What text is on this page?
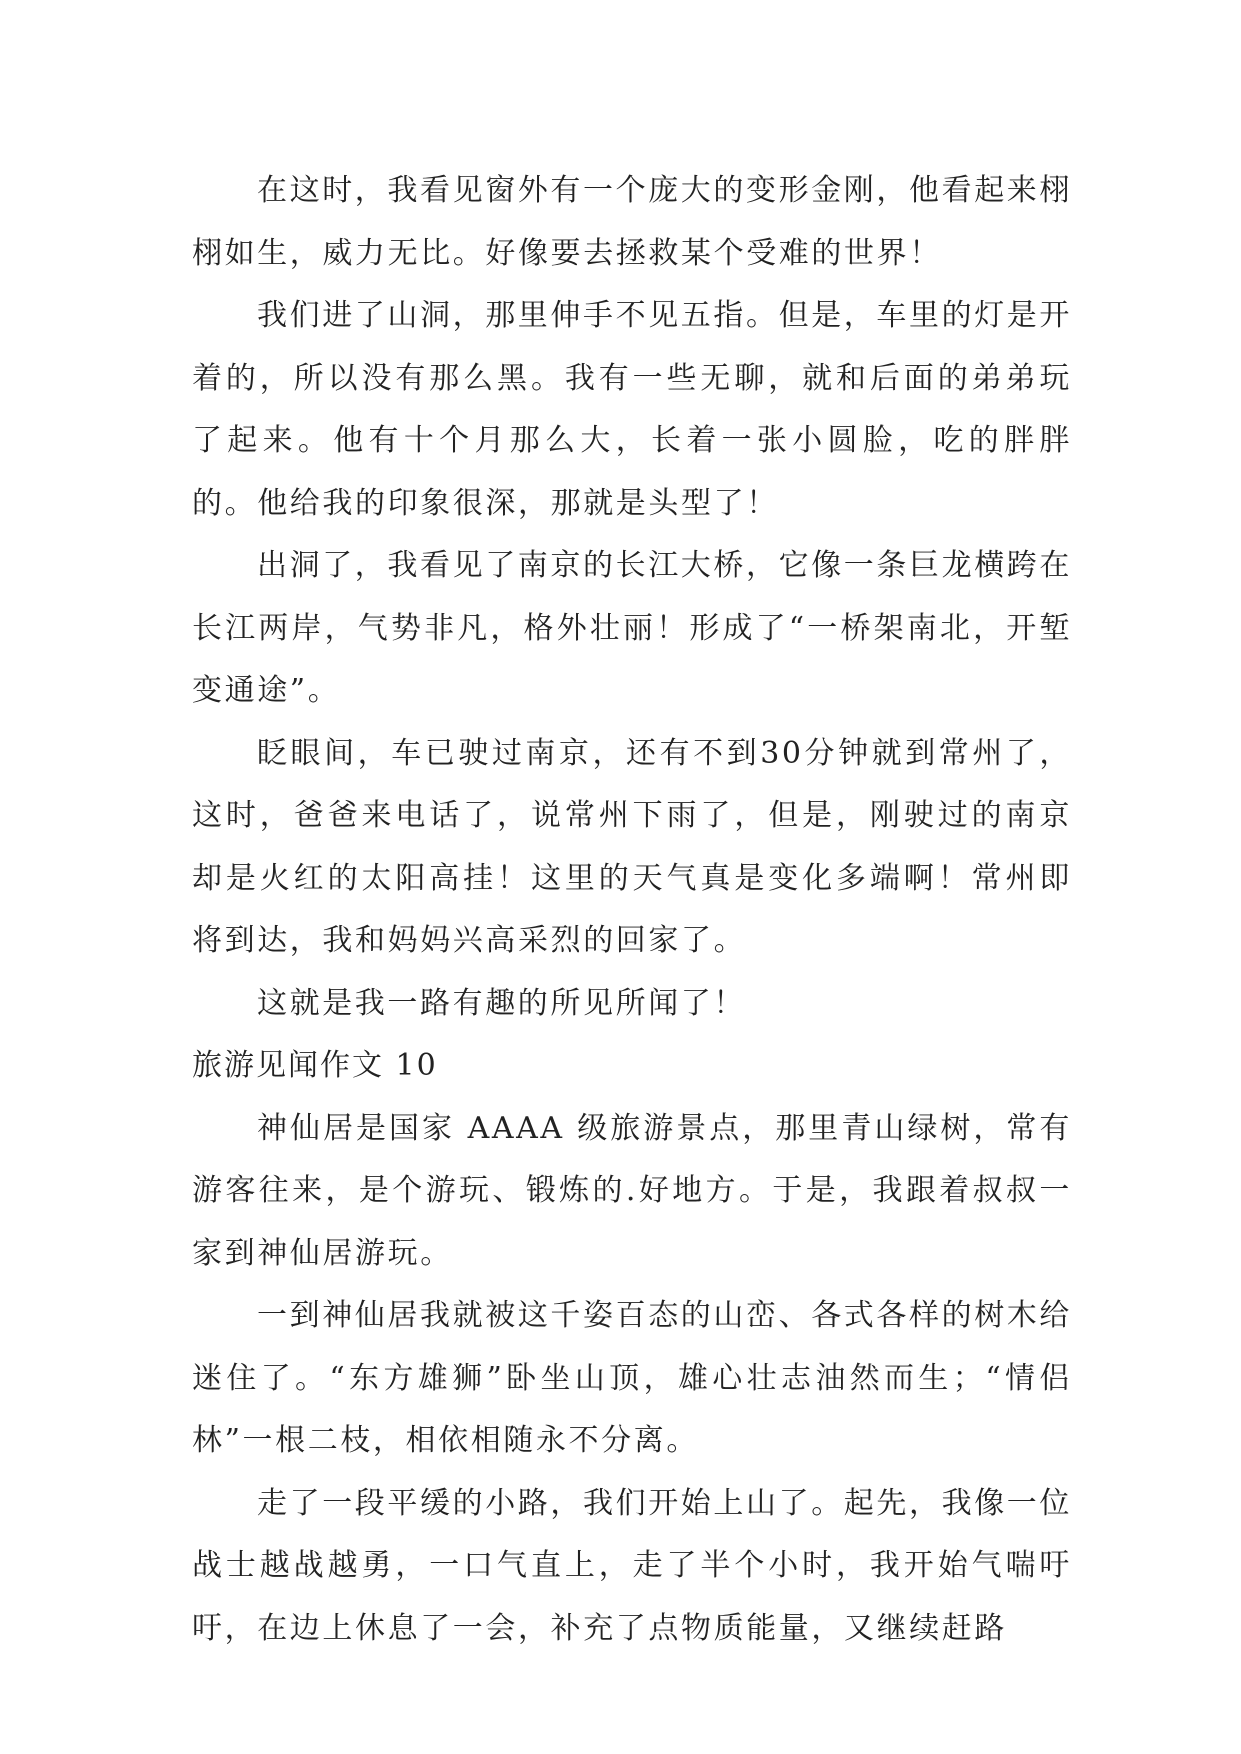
在这时，我看见窗外有一个庞大的变形金刚，他看起来栩栩如生，威力无比。好像要去拯救某个受难的世界！

我们进了山洞，那里伸手不见五指。但是，车里的灯是开着的，所以没有那么黑。我有一些无聊，就和后面的弟弟玩了起来。他有十个月那么大，长着一张小圆脸，吃的胖胖的。他给我的印象很深，那就是头型了！

出洞了，我看见了南京的长江大桥，它像一条巨龙横跨在长江两岸，气势非凡，格外壮丽！形成了“一桥架南北，开堑变通途”。

眨眼间，车已驶过南京，还有不到30分钟就到常州了，这时，爸爸来电话了，说常州下雨了，但是，刚驶过的南京却是火红的太阳高挂！这里的天气真是变化多端啊！常州即将到达，我和妈妈兴高采烈的回家了。

这就是我一路有趣的所见所闻了！

旅游见闻作文 10

神仙居是国家 AAAA 级旅游景点，那里青山绿树，常有游客往来，是个游玩、锻炼的.好地方。于是，我跟着叔叔一家到神仙居游玩。

一到神仙居我就被这千姿百态的山峦、各式各样的树木给迷住了。“东方雄狮”卧坐山顶，雄心壮志油然而生；“情侣林”一根二枝，相依相随永不分离。

走了一段平缓的小路，我们开始上山了。起先，我像一位战士越战越勇，一口气直上，走了半个小时，我开始气喘吁吁，在边上休息了一会，补充了点物质能量，又继续赶路
